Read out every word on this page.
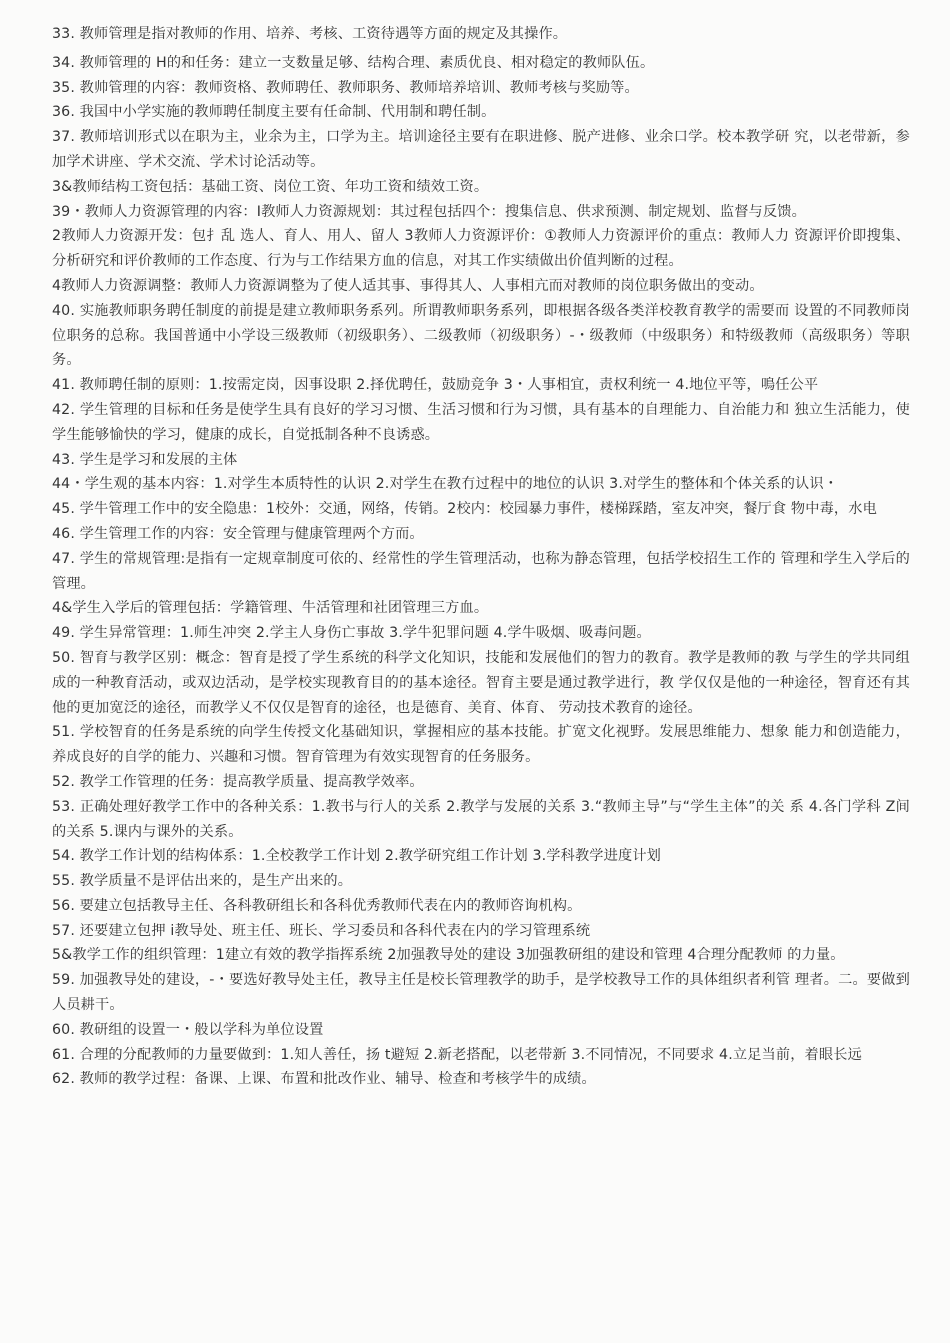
33. 教师管理是指对教师的作用、培养、考核、工资待遇等方面的规定及其操作。

34. 教师管理的 H的和任务：建立一支数量足够、结构合理、素质优良、相对稳定的教师队伍。

35. 教帅管理的内容：教师资格、教师聘任、教师职务、教师培养培训、教师考核与奖励等。

36. 我国中小学实施的教师聘任制度主要有任命制、代用制和聘任制。

37. 教师培训形式以在职为主，业余为主，口学为主。培训途径主要有在职进修、脱产进修、业余口学。校本教学研 究，以老带新，参加学术讲座、学术交流、学术讨论活动等。

3&教师结构工资包括：基础工资、岗位工资、年功工资和绩效工资。

39・教师人力资源管理的内容：I教师人力资源规划：其过程包括四个：搜集信息、供求预测、制定规划、监督与反馈。

2教师人力资源开发：包扌乱 选人、育人、用人、留人 3教师人力资源评价：①教师人力资源评价的重点：教师人力 资源评价即搜集、分析研究和评价教师的工作态度、行为与工作结果方血的信息，对其工作实绩做出价值判断的过程。

4教师人力资源调整：教师人力资源调整为了使人适其事、事得其人、人事相亢而对教师的岗位职务做出的变动。

40. 实施教师职务聘任制度的前提是建立教师职务系列。所谓教师职务系列，即根据各级各类洋校教育教学的需要而 设置的不同教师岗位职务的总称。我国普通中小学设三级教师（初级职务）、二级教师（初级职务）-・级教师（中级职务）和特级教师（高级职务）等职务。

41. 教师聘任制的原则：1.按需定岗，因事设职 2.择优聘任，鼓励竞争 3・人事相宜，责权利统一 4.地位平等，鳴任公平

42. 学生管理的目标和任务是使学生具有良好的学习习惯、生活习惯和行为习惯，具有基本的自理能力、自治能力和 独立生活能力，使学生能够愉快的学习，健康的成长，自觉抵制各种不良诱惑。

43. 学生是学习和发展的主体

44・学生观的基本内容：1.对学生本质特性的认识 2.对学生在教冇过程中的地位的认识 3.对学生的整体和个体关系的认识・

45. 学牛管理工作中的安全隐患：1校外：交通，网络，传销。2校内：校园暴力事件，楼梯踩踏，室友冲突，餐厅食 物中毒，水电

46. 学生管理工作的内容：安全管理与健康管理两个方而。

47. 学生的常规管理:是指有一定规章制度可依的、经常性的学生管理活动，也称为静态管理，包括学校招生工作的 管理和学生入学后的管理。

4&学生入学后的管理包括：学籍管理、牛活管理和社团管理三方血。

49. 学生异常管理：1.师生冲突 2.学主人身伤亡事故 3.学牛犯罪问题 4.学牛吸烟、吸毒问题。

50. 智育与教学区别：概念：智育是授了学生系统的科学文化知识，技能和发展他们的智力的教育。教学是教师的教 与学生的学共同组成的一种教育活动，或双边活动，是学校实现教育目的的基本途径。智育主要是通过教学进行，教 学仅仅是他的一种途径，智育还有其他的更加宽泛的途径，而教学乂不仅仅是智育的途径，也是德育、美育、体育、 劳动技术教育的途径。

51. 学校智育的任务是系统的向学生传授文化基础知识，掌握相应的基本技能。扩宽文化视野。发展思维能力、想象 能力和创造能力，养成良好的自学的能力、兴趣和习惯。智育管理为有效实现智育的任务服务。

52. 教学工作管理的任务：提高教学质量、提高教学效率。

53. 正确处理好教学工作中的各种关系：1.教书与行人的关系 2.教学与发展的关系 3.“教师主导”与“学生主体”的关 系 4.各门学科 Z间的关系 5.课内与课外的关系。

54. 教学工作计划的结构体系：1.全校教学工作计划 2.教学研究组工作计划 3.学科教学进度计划

55. 教学质量不是评估出来的，是生产出来的。

56. 要建立包括教导主任、各科教研组长和各科优秀教师代表在内的教师咨询机构。

57. 还要建立包押 i教导处、班主任、班长、学习委员和各科代表在内的学习管理系统

5&教学工作的组织管理：1建立有效的教学指挥系统 2加强教导处的建设 3加强教研组的建设和管理 4合理分配教师 的力量。

59. 加强教导处的建设，-・要选好教导处主任，教导主任是校长管理教学的助手，是学校教导工作的具体组织者利管 理者。二。要做到人员耕干。

60. 教研组的设置一・般以学科为单位设置

61. 合理的分配教师的力量要做到：1.知人善任，扬 t避短 2.新老搭配，以老带新 3.不同情况，不同要求 4.立足当前，着眼长远

62. 教师的教学过程：备课、上课、布置和批改作业、辅导、检查和考核学牛的成绩。
